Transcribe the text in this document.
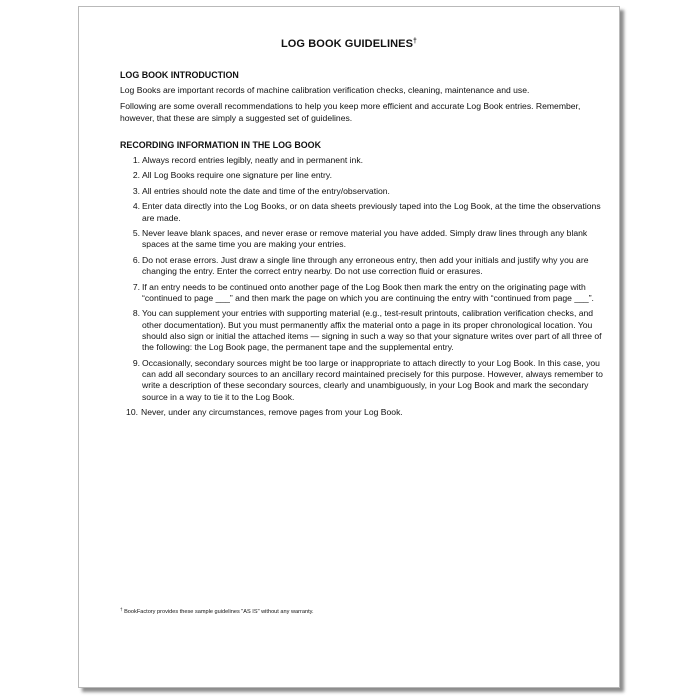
LOG BOOK GUIDELINES†
LOG BOOK INTRODUCTION

Log Books are important records of machine calibration verification checks, cleaning, maintenance and use.

Following are some overall recommendations to help you keep more efficient and accurate Log Book entries. Remember, however, that these are simply a suggested set of guidelines.

RECORDING INFORMATION IN THE LOG BOOK
1. Always record entries legibly, neatly and in permanent ink.
2. All Log Books require one signature per line entry.
3. All entries should note the date and time of the entry/observation.
4. Enter data directly into the Log Books, or on data sheets previously taped into the Log Book, at the time the observations are made.
5. Never leave blank spaces, and never erase or remove material you have added. Simply draw lines through any blank spaces at the same time you are making your entries.
6. Do not erase errors. Just draw a single line through any erroneous entry, then add your initials and justify why you are changing the entry. Enter the correct entry nearby. Do not use correction fluid or erasures.
7. If an entry needs to be continued onto another page of the Log Book then mark the entry on the originating page with “continued to page ___” and then mark the page on which you are continuing the entry with “continued from page ___”.
8. You can supplement your entries with supporting material (e.g., test-result printouts, calibration verification checks, and other documentation). But you must permanently affix the material onto a page in its proper chronological location. You should also sign or initial the attached items — signing in such a way so that your signature writes over part of all three of the following: the Log Book page, the permanent tape and the supplemental entry.
9. Occasionally, secondary sources might be too large or inappropriate to attach directly to your Log Book. In this case, you can add all secondary sources to an ancillary record maintained precisely for this purpose. However, always remember to write a description of these secondary sources, clearly and unambiguously, in your Log Book and mark the secondary source in a way to tie it to the Log Book.
10. Never, under any circumstances, remove pages from your Log Book.
† BookFactory provides these sample guidelines "AS IS" without any warranty.
